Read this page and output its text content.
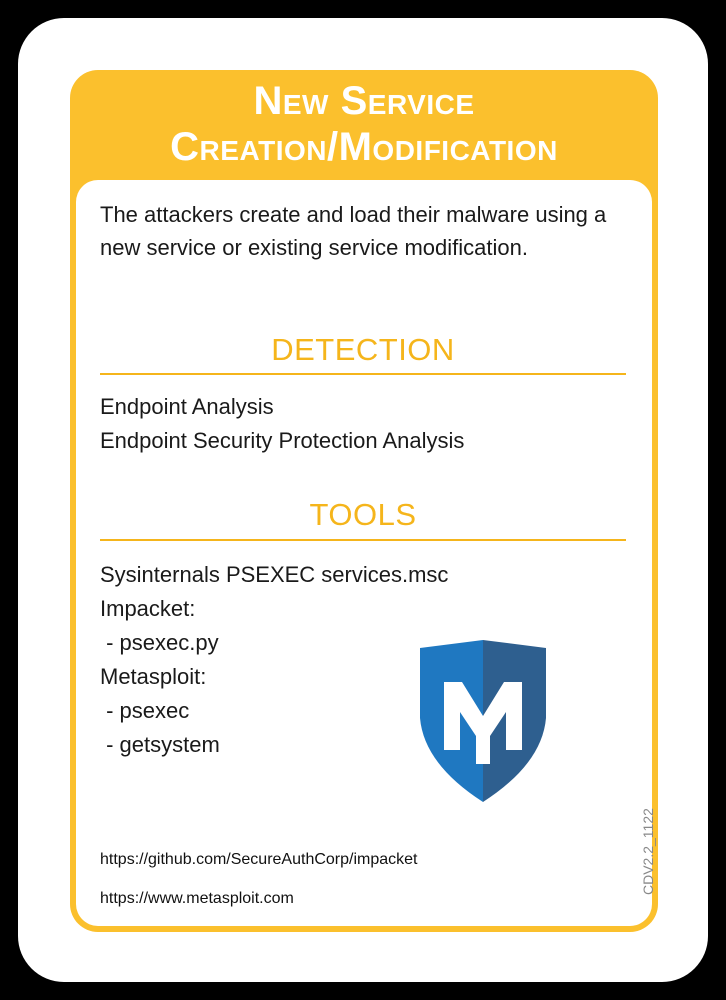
New Service
Creation/Modification
The attackers create and load their malware using a new service or existing service modification.
DETECTION
Endpoint Analysis
Endpoint Security Protection Analysis
TOOLS
Sysinternals PSEXEC services.msc
Impacket:
- psexec.py
Metasploit:
- psexec
- getsystem
https://github.com/SecureAuthCorp/impacket
https://www.metasploit.com
CDV2.2_1122
